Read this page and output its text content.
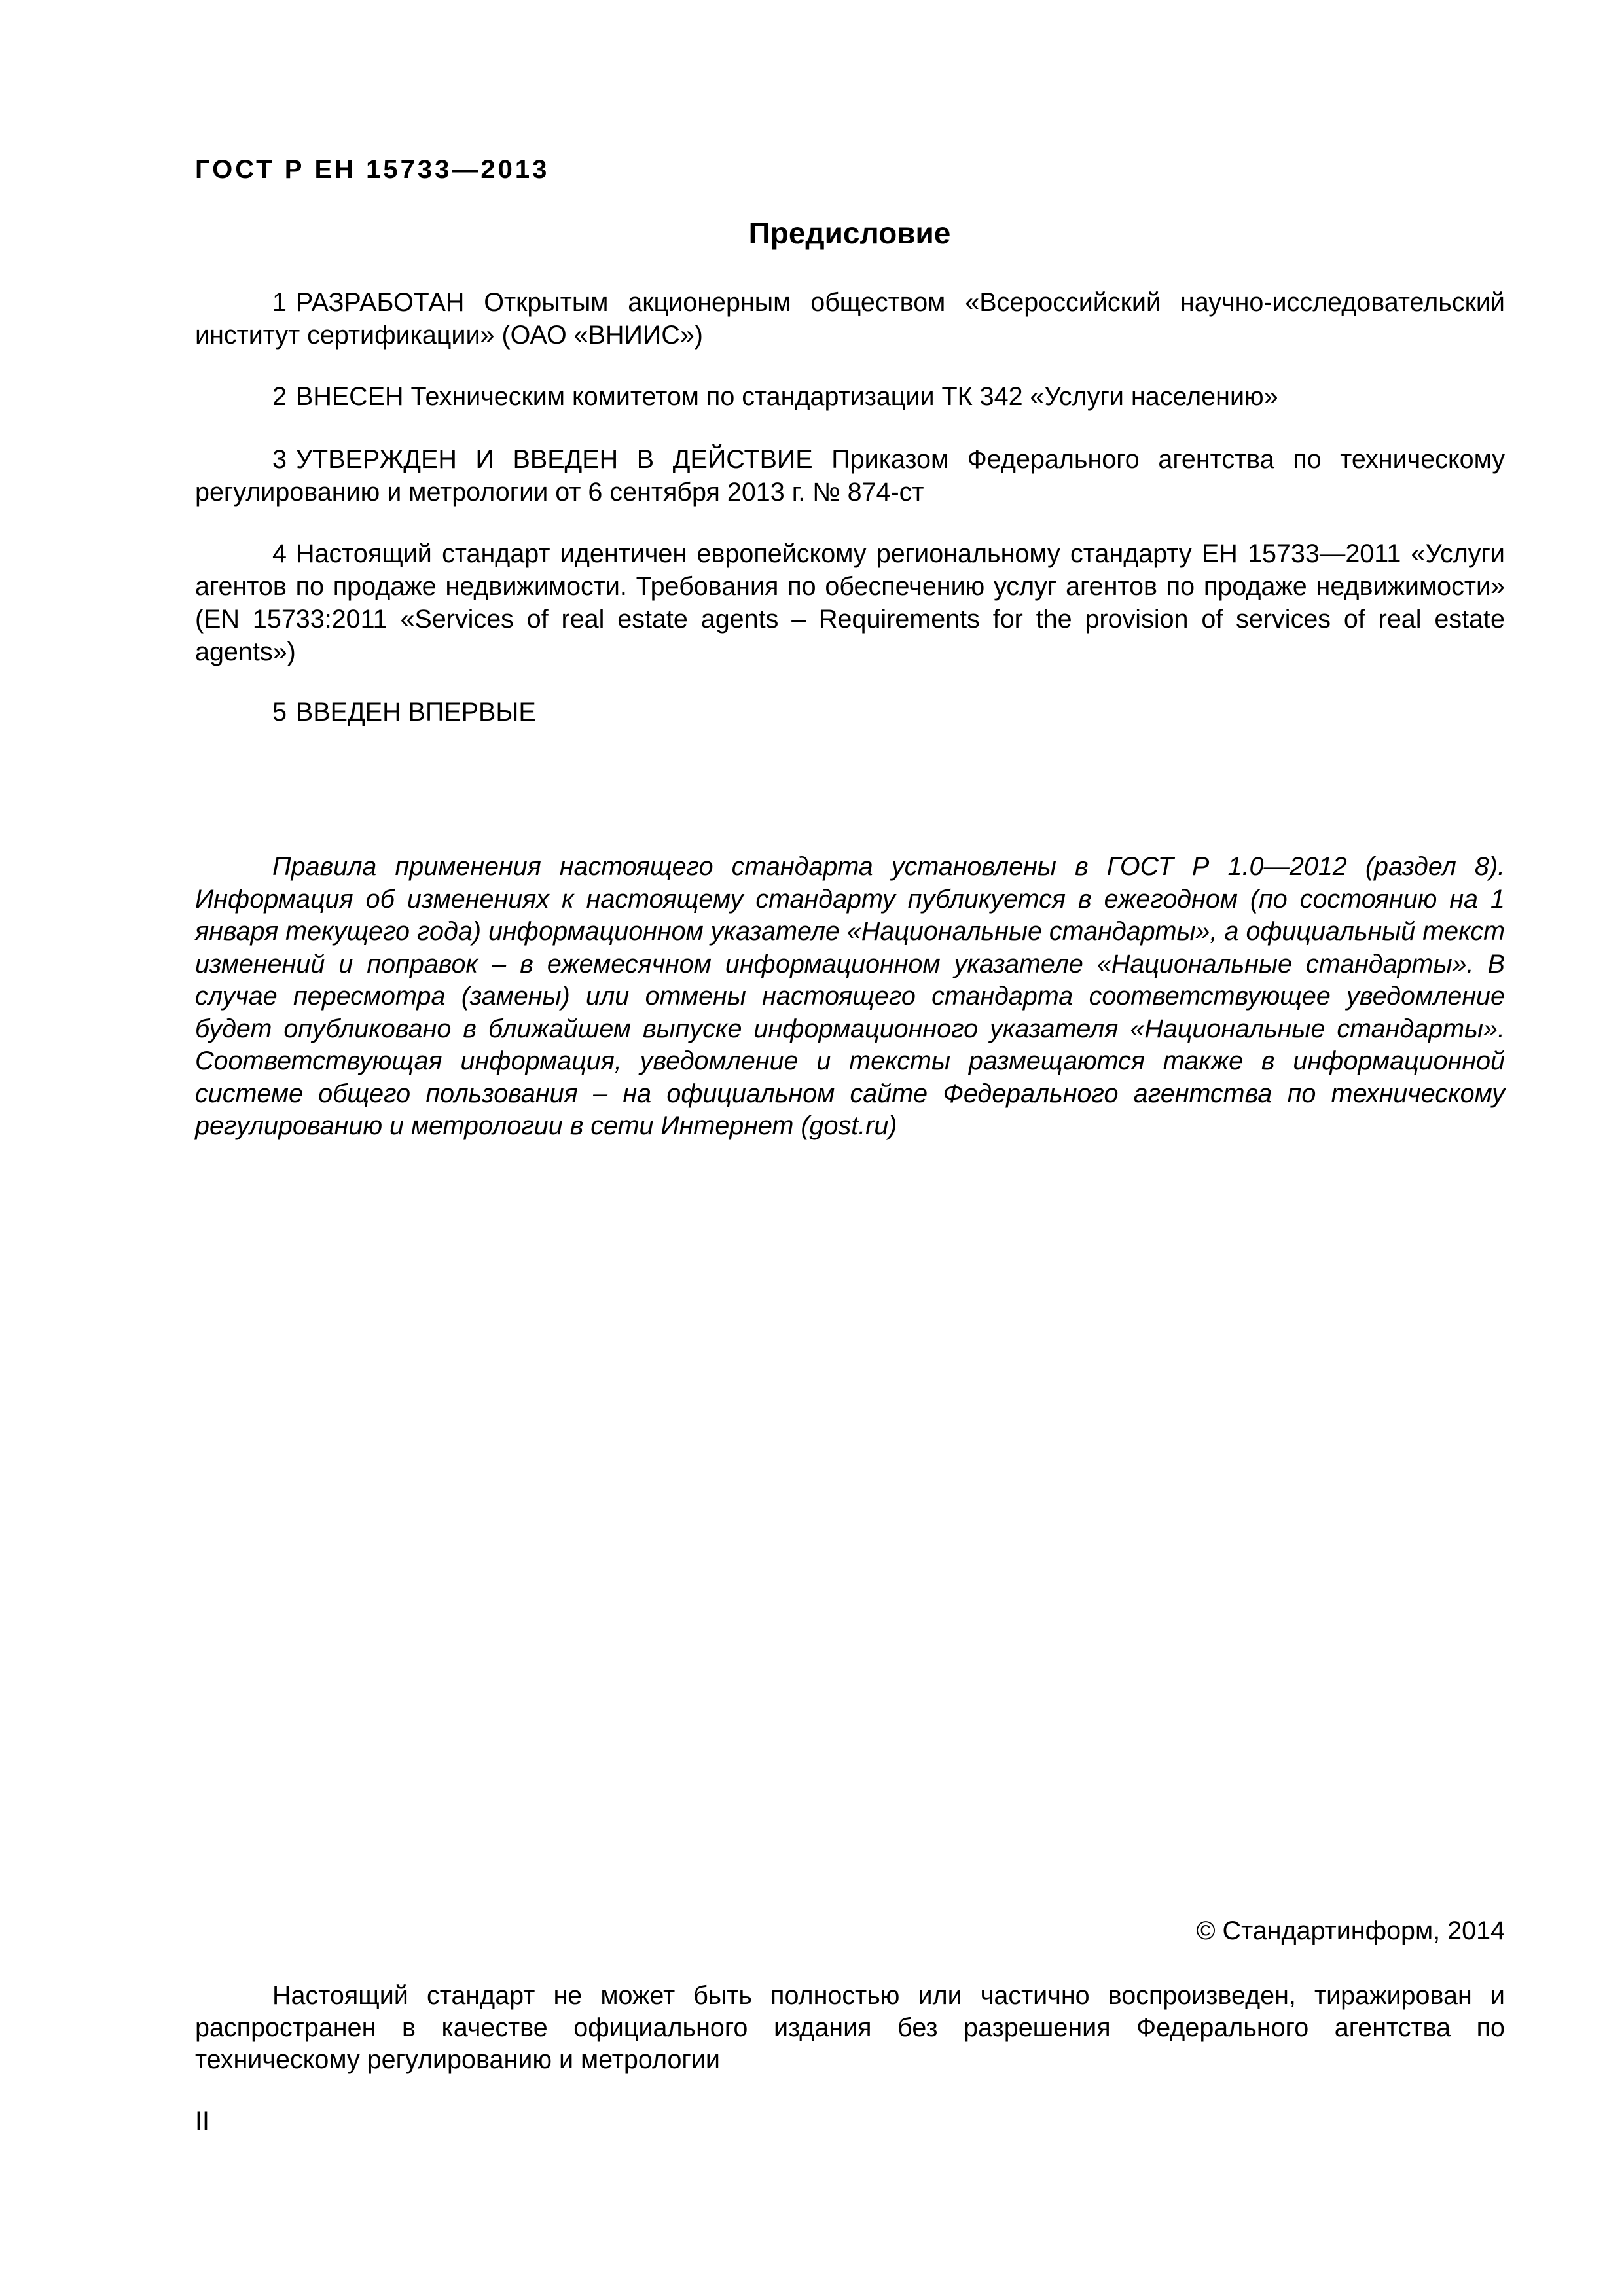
ГОСТ Р ЕН 15733—2013
Предисловие

1 РАЗРАБОТАН Открытым акционерным обществом «Всероссийский научно-исследовательский институт сертификации» (ОАО «ВНИИС»)

2 ВНЕСЕН Техническим комитетом по стандартизации ТК 342 «Услуги населению»

3 УТВЕРЖДЕН И ВВЕДЕН В ДЕЙСТВИЕ Приказом Федерального агентства по техническому регулированию и метрологии от 6 сентября 2013 г. № 874-ст

4 Настоящий стандарт идентичен европейскому региональному стандарту ЕН 15733—2011 «Услуги агентов по продаже недвижимости. Требования по обеспечению услуг агентов по продаже недвижимости» (EN 15733:2011 «Services of real estate agents – Requirements for the provision of services of real estate agents»)

5 ВВЕДЕН ВПЕРВЫЕ

Правила применения настоящего стандарта установлены в ГОСТ Р 1.0—2012 (раздел 8). Информация об изменениях к настоящему стандарту публикуется в ежегодном (по состоянию на 1 января текущего года) информационном указателе «Национальные стандарты», а официальный текст изменений и поправок – в ежемесячном информационном указателе «Национальные стандарты». В случае пересмотра (замены) или отмены настоящего стандарта соответствующее уведомление будет опубликовано в ближайшем выпуске информационного указателя «Национальные стандарты». Соответствующая информация, уведомление и тексты размещаются также в информационной системе общего пользования – на официальном сайте Федерального агентства по техническому регулированию и метрологии в сети Интернет (gost.ru)

© Стандартинформ, 2014

Настоящий стандарт не может быть полностью или частично воспроизведен, тиражирован и распространен в качестве официального издания без разрешения Федерального агентства по техническому регулированию и метрологии

II
